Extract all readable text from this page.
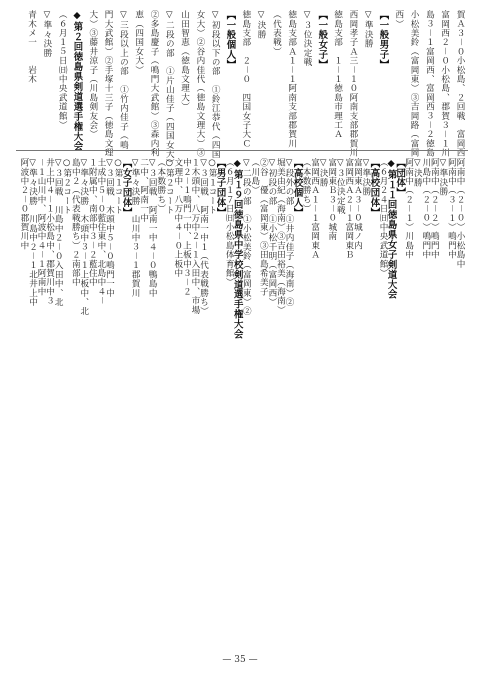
賀Ａ３－０小松島、２回戦　富岡西
富岡西２－０小松島、郡賀３－１川
島３－１富岡西、富岡西３－２徳島
小松美鈴（富岡東）③吉岡路（富岡
西）
【一般男子】
▽準決勝
西岡孝子Ａ三－１０阿南支部郡賀川
徳島支部　１－１徳島市理工Ａ
【一般女子】
▽３位決定戦
徳島支部Ａ１－１阿南支部郡賀川
（代表戦）
▽決勝
徳島支部　２－０　四国女子大Ｃ
【一般個人】
▽初段以下の部　①鈴江恭代（四国
女大）②谷内佳代（徳島文理大）③
山田智恵（徳島文理大）
▽二段の部　①片山佳子（四国女大）
②多島慶子（鳴門大武館）③森内利
恵（四国女大）
▽三段以上の部　①竹内佳子（鳴
門大武館）②手塚十三子（徳島文理
大）③藤井涼子（川島剣友会）
◆第２回徳島県剣道選手権大会
（６月１５日㈰中央武道館）
▽準々決勝
青木メ一　　岩木
阿南中（２－０）小松島中
阿南中（３－１）鳴門中
▽準決勝
阿南中（２－２）鳴門中
川島中（２－０）鳴門中
▽決勝
阿南中（２－１）川島中
【団体】
◆第１１回徳島県女子剣道大会
（６月２４日㈰中央武道館）
【高校団体】
▽準決勝
富岡東Ａ３－０城ノ内
富岡西Ａ２－１富岡東Ｂ
▽３位決定戦
富岡東Ｂ３－０城南
▽決勝
富岡西Ａ１－１富岡東Ａ
（本数勝ち）
【高校個人】
▽段外の部　①井内佳子（海南）②
堀美由紀（海南）③吉田裕美（海南）
▽初段の部　①小松千明（富岡西）
②谷　優（富岡東）③田島希美子
（川島）
▽二段の部　①小松美鈴（富岡東）②
◆第１９回徳島県中学校剣道選手権大会
（６月１７日㈰小松島体育館）
【男子団体】
○第１コート
▽３回戦　阿南一中１（代表戦勝ち）
１木頭中、八万中２－１入田中、市場
中２－１鳴門一中、上板中３－２
文理中、八万中４－０上板中
○第２コート
（本数勝ち）
▽３回戦　阿南一中４－０鴨島中
二中、阿南一中
▽準々決勝　山川中３－１郡賀川
【女子団体】
○第１コート
▽３回戦　木頭中５－０鳴門一中
土成中５－０藍住東中、北島中４－
１附属中、南部中３－２藍住中
▽準々決勝　木頭中３－１上板中、北
島中２（代表戦勝ち）２南部中
○第２コート
▽３回戦　川島中２－０入田中、北
井上中４－１小松島中、郡賀川中３
－１山川中、阿波中４－１阿南中
▽準々決勝　川島中２－１北井上中
阿波中２－０郡賀川中
— 35 —
